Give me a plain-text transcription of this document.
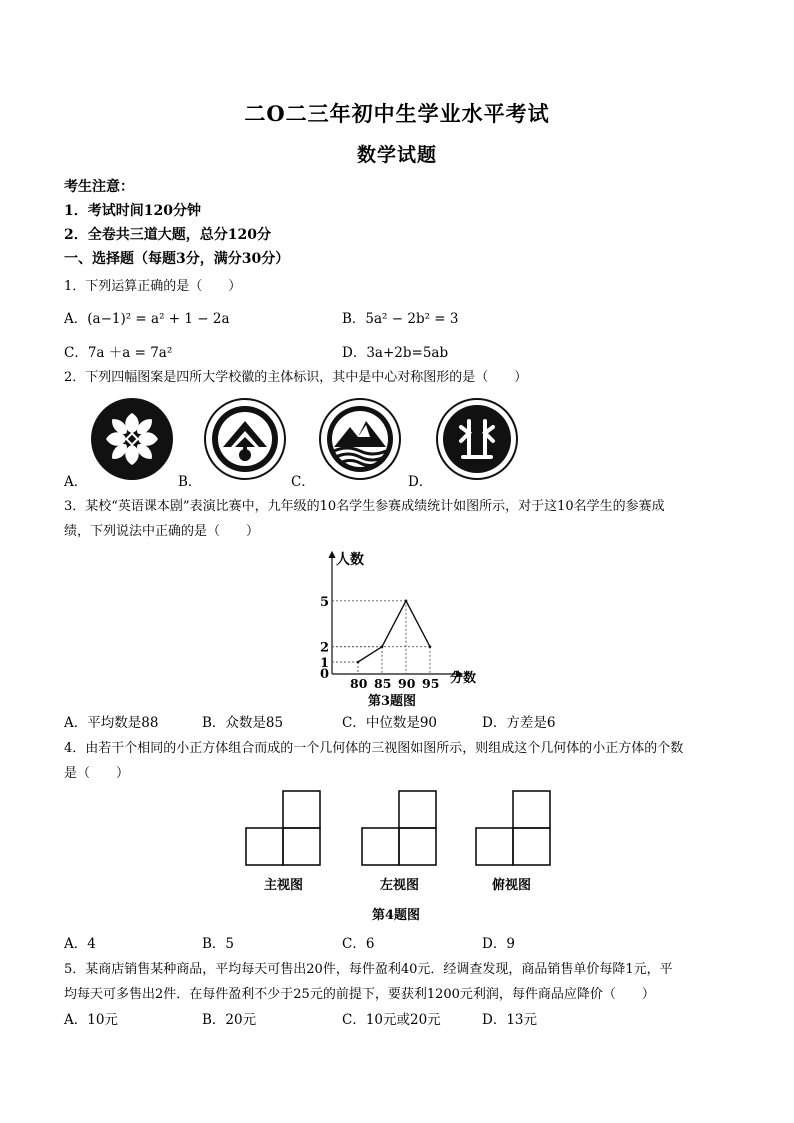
二O二三年初中生学业水平考试
数学试题
考生注意：
1．考试时间120分钟
2．全卷共三道大题，总分120分
一、选择题（每题3分，满分30分）
1．下列运算正确的是（　　）
A．(a−1)² = a² + 1 − 2a	B．5a² − 2b² = 3
C．7a ＋a = 7a²	D．3a+2b=5ab
2．下列四幅图案是四所大学校徽的主体标识，其中是中心对称图形的是（　　）
A．	B．	C．	D．
3．某校“英语课本剧”表演比赛中，九年级的10名学生参赛成绩统计如图所示，对于这10名学生的参赛成
绩，下列说法中正确的是（　　）
人数
分数
0
1
2
5
80 85 90 95
第3题图
A．平均数是88	B．众数是85	C．中位数是90	D．方差是6
4．由若干个相同的小正方体组合而成的一个几何体的三视图如图所示，则组成这个几何体的小正方体的个数
是（　　）
主视图	左视图	俯视图
第4题图
A．4	B．5	C．6	D．9
5．某商店销售某种商品，平均每天可售出20件，每件盈利40元．经调查发现，商品销售单价每降1元，平
均每天可多售出2件．在每件盈利不少于25元的前提下，要获利1200元利润，每件商品应降价（　　）
A．10元	B．20元	C．10元或20元	D．13元
